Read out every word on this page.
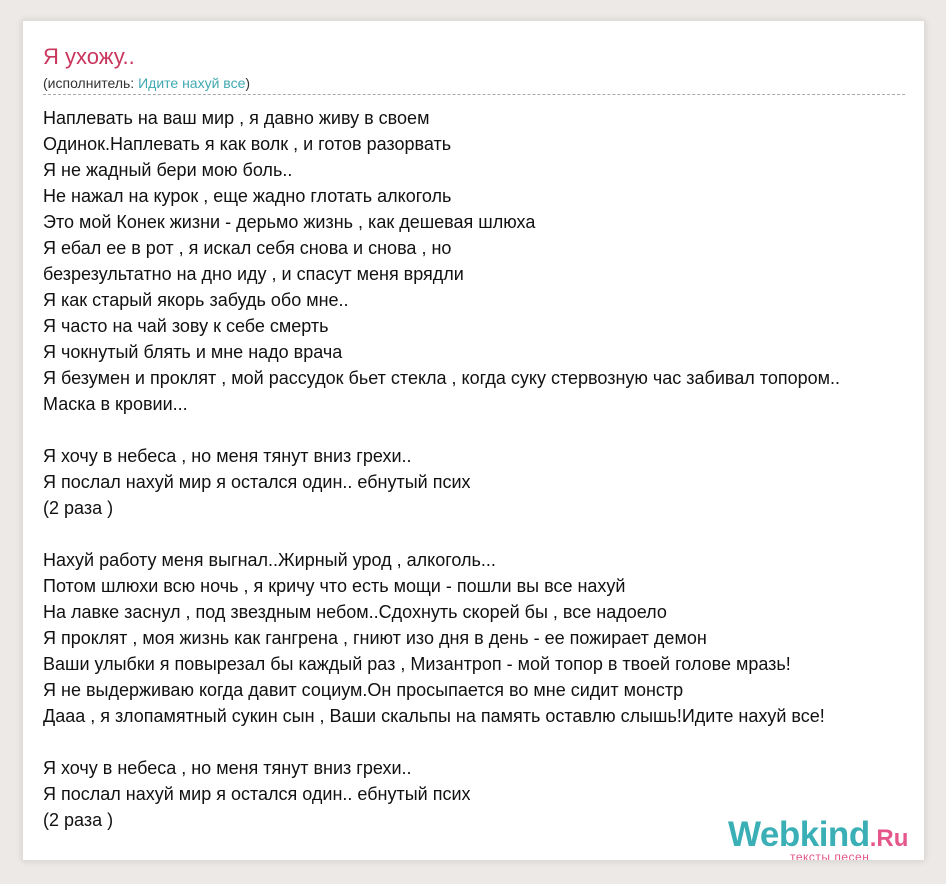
Я ухожу..
(исполнитель: Идите нахуй все)
Наплевать на ваш мир , я давно живу в своем
Одинок.Наплевать я как волк , и готов разорвать
Я не жадный бери мою боль..
Не нажал на курок , еще жадно глотать алкоголь
Это мой Конек жизни - дерьмо жизнь , как дешевая шлюха
Я ебал ее в рот , я искал себя снова и снова , но
безрезультатно на дно иду , и спасут меня врядли
Я как старый якорь забудь обо мне..
Я часто на чай зову к себе смерть
Я чокнутый блять и мне надо врача
Я безумен и проклят , мой рассудок бьет стекла , когда суку стервозную час забивал топором..
Маска в кровии...
Я хочу в небеса , но меня тянут вниз грехи..
Я послал нахуй мир я остался один.. ебнутый псих
(2 раза )
Нахуй работу меня выгнал..Жирный урод , алкоголь...
Потом шлюхи всю ночь , я кричу что есть мощи - пошли вы все нахуй
На лавке заснул , под звездным небом..Сдохнуть скорей бы , все надоело
Я проклят , моя жизнь как гангрена , гниют изо дня в день - ее пожирает демон
Ваши улыбки я повырезал бы каждый раз , Мизантроп - мой топор в твоей голове мразь!
Я не выдерживаю когда давит социум.Он просыпается во мне сидит монстр
Дааа , я злопамятный сукин сын , Ваши скальпы на память оставлю слышь!Идите нахуй все!
Я хочу в небеса , но меня тянут вниз грехи..
Я послал нахуй мир я остался один.. ебнутый псих
(2 раза )	Webkind.Ru
тексты песен
